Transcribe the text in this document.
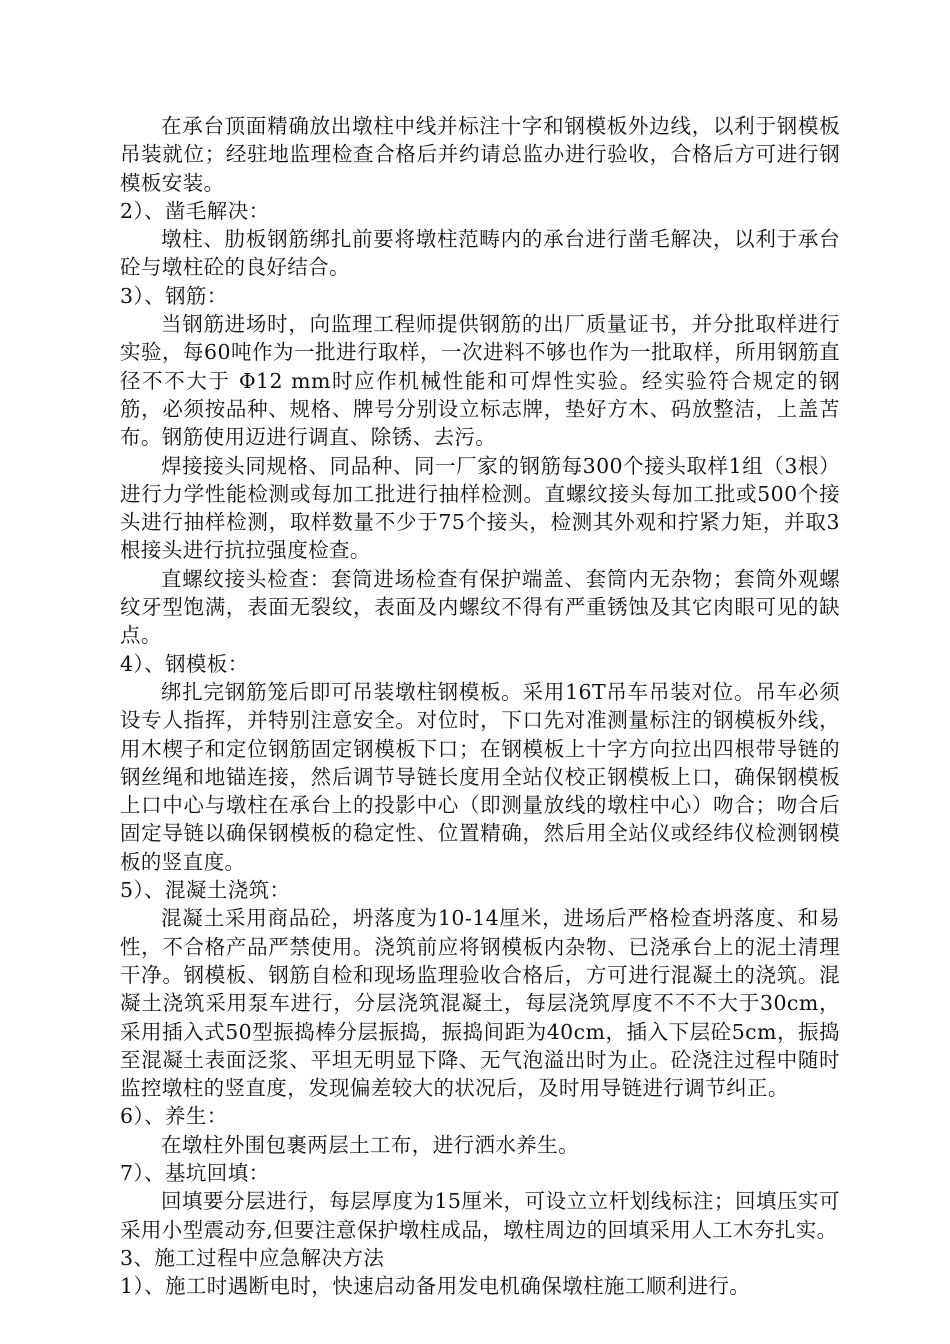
在承台顶面精确放出墩柱中线并标注十字和钢模板外边线，以利于钢模板吊装就位；经驻地监理检查合格后并约请总监办进行验收，合格后方可进行钢模板安装。

2）、凿毛解决：

墩柱、肋板钢筋绑扎前要将墩柱范畴内的承台进行凿毛解决，以利于承台砼与墩柱砼的良好结合。

3）、钢筋：

当钢筋进场时，向监理工程师提供钢筋的出厂质量证书，并分批取样进行实验，每60吨作为一批进行取样，一次进料不够也作为一批取样，所用钢筋直径不不大于 Φ12 mm时应作机械性能和可焊性实验。经实验符合规定的钢筋，必须按品种、规格、牌号分别设立标志牌，垫好方木、码放整洁，上盖苫布。钢筋使用迈进行调直、除锈、去污。

焊接接头同规格、同品种、同一厂家的钢筋每300个接头取样1组（3根）进行力学性能检测或每加工批进行抽样检测。直螺纹接头每加工批或500个接头进行抽样检测，取样数量不少于75个接头，检测其外观和拧紧力矩，并取3根接头进行抗拉强度检查。

直螺纹接头检查：套筒进场检查有保护端盖、套筒内无杂物；套筒外观螺纹牙型饱满，表面无裂纹，表面及内螺纹不得有严重锈蚀及其它肉眼可见的缺点。

4）、钢模板：

绑扎完钢筋笼后即可吊装墩柱钢模板。采用16T吊车吊装对位。吊车必须设专人指挥，并特别注意安全。对位时，下口先对准测量标注的钢模板外线，用木楔子和定位钢筋固定钢模板下口；在钢模板上十字方向拉出四根带导链的钢丝绳和地锚连接，然后调节导链长度用全站仪校正钢模板上口，确保钢模板上口中心与墩柱在承台上的投影中心（即测量放线的墩柱中心）吻合；吻合后固定导链以确保钢模板的稳定性、位置精确，然后用全站仪或经纬仪检测钢模板的竖直度。

5）、混凝土浇筑：

混凝土采用商品砼，坍落度为10-14厘米，进场后严格检查坍落度、和易性，不合格产品严禁使用。浇筑前应将钢模板内杂物、已浇承台上的泥土清理干净。钢模板、钢筋自检和现场监理验收合格后，方可进行混凝土的浇筑。混凝土浇筑采用泵车进行，分层浇筑混凝土，每层浇筑厚度不不不大于30cm，采用插入式50型振捣棒分层振捣，振捣间距为40cm，插入下层砼5cm，振捣至混凝土表面泛浆、平坦无明显下降、无气泡溢出时为止。砼浇注过程中随时监控墩柱的竖直度，发现偏差较大的状况后，及时用导链进行调节纠正。

6）、养生：

在墩柱外围包裹两层土工布，进行洒水养生。

7）、基坑回填：

回填要分层进行，每层厚度为15厘米，可设立立杆划线标注；回填压实可采用小型震动夯,但要注意保护墩柱成品，墩柱周边的回填采用人工木夯扎实。

3、施工过程中应急解决方法

1）、施工时遇断电时，快速启动备用发电机确保墩柱施工顺利进行。
